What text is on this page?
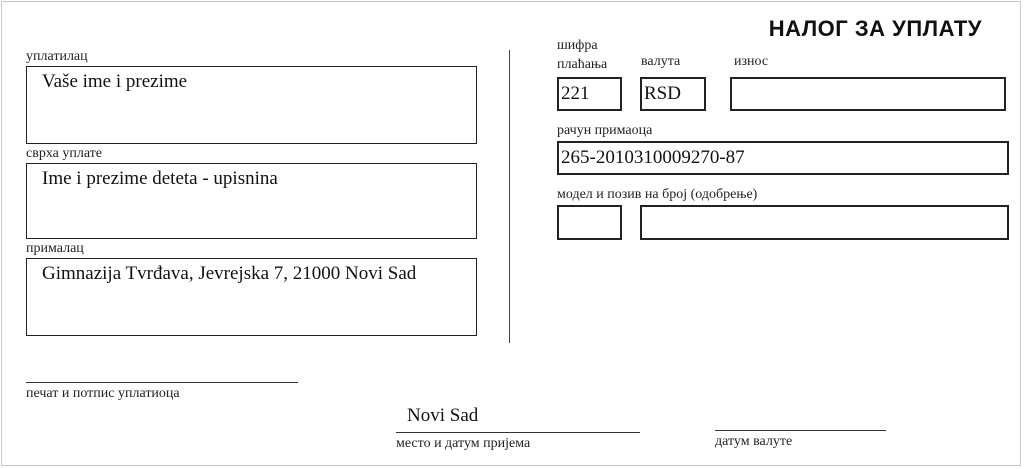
НАЛОГ ЗА УПЛАТУ
уплатилац
Vaše ime i prezime
сврха уплате
Ime i prezime deteta - upisnina
прималац
Gimnazija Tvrđava, Jevrejska 7, 21000 Novi Sad
шифра
плаћања
221
валута
RSD
износ
рачун примаоца
265-2010310009270-87
модел и позив на број (одобрење)
печат и потпис уплатиоца
Novi Sad
место и датум пријема	датум валуте
